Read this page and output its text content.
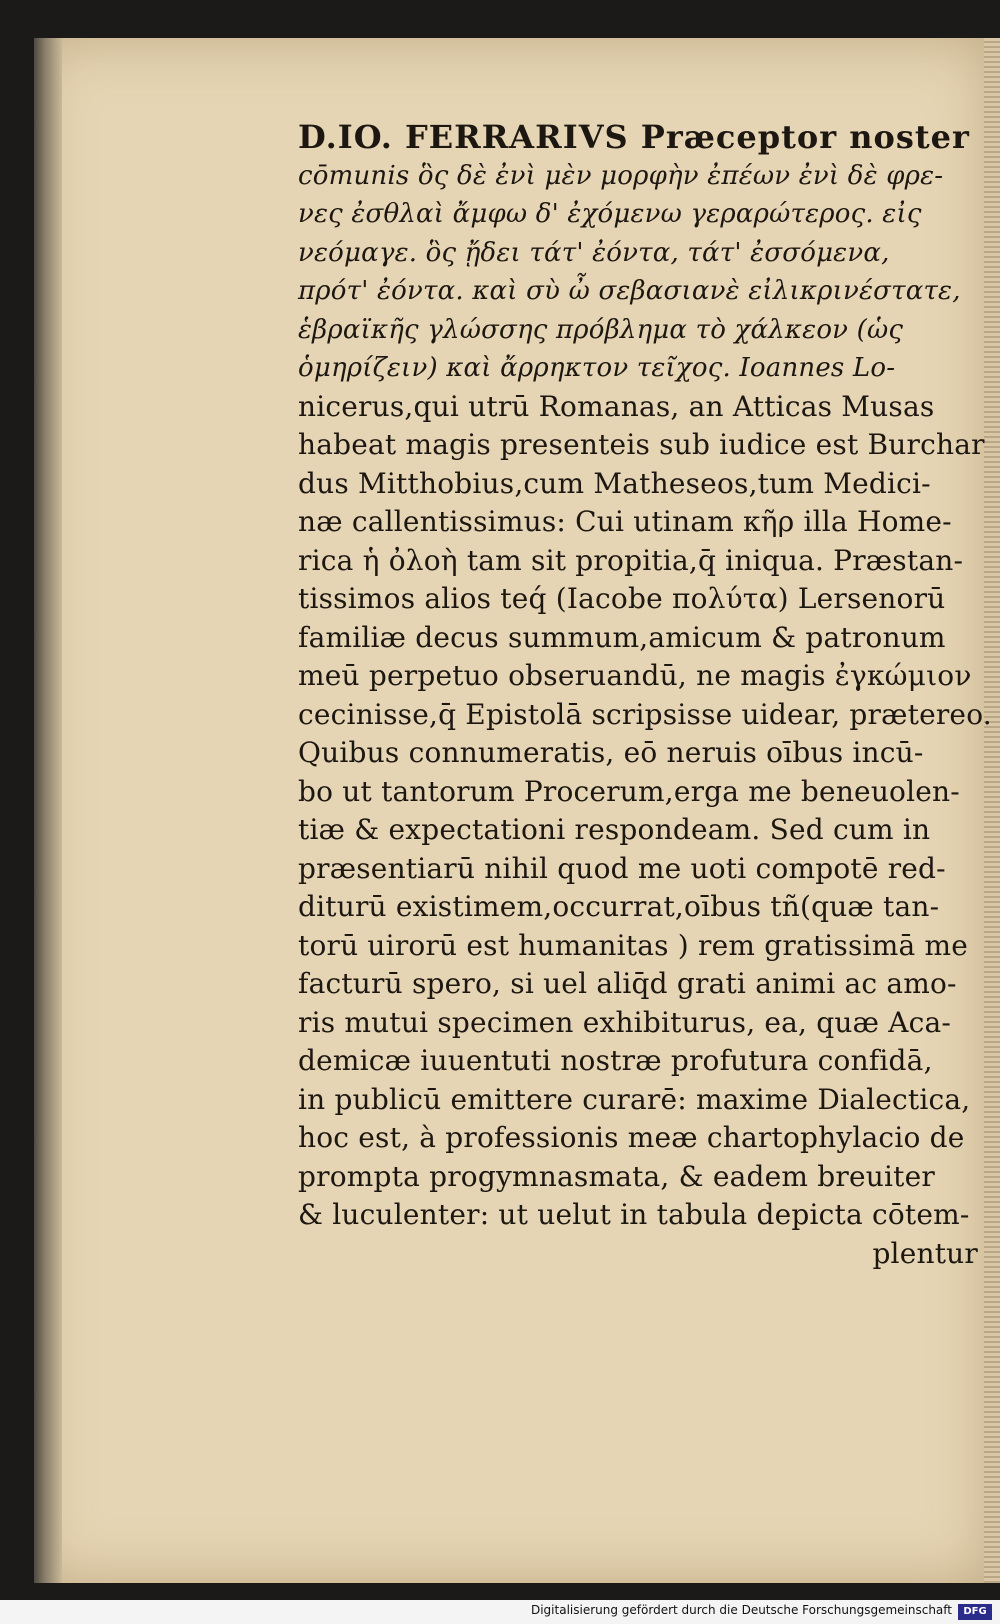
D.IO. FERRARIVS Præceptor noster
cōmunis ὃς δὲ ἐνὶ μὲν μορφὴν ἐπέων ἐνὶ δὲ φρε-
νες ἐσθλαὶ ἄμφω δ' ἐχόμενω γεραρώτερος. εἰς
νεόμαγε. ὃς ᾔδει τάτ' ἐόντα, τάτ' ἐσσόμενα,
πρότ' ἐόντα. καὶ σὺ ὦ σεβασιανὲ εἰλικρινέστατε,
ἑβραϊκῆς γλώσσης πρόβλημα τὸ χάλκεον (ὡς
ὁμηρίζειν) καὶ ἄρρηκτον τεῖχος. Ioannes Lo-
nicerus,qui utrū Romanas, an Atticas Musas
habeat magis presenteis sub iudice est Burchar
dus Mitthobius,cum Matheseos,tum Medici-
næ callentissimus: Cui utinam κῆρ illa Home-
rica ἡ ὀλοὴ tam sit propitia,q̄ iniqua. Præstan-
tissimos alios teq́ (Iacobe πολύτα) Lersenorū
familiæ decus summum,amicum & patronum
meū perpetuo obseruandū, ne magis ἐγκώμιον
cecinisse,q̄ Epistolā scripsisse uidear, prætereo.
Quibus connumeratis, eō neruis oībus incū-
bo ut tantorum Procerum,erga me beneuolen-
tiæ & expectationi respondeam. Sed cum in
præsentiarū nihil quod me uoti compotē red-
diturū existimem,occurrat,oībus tñ(quæ tan-
torū uirorū est humanitas ) rem gratissimā me
facturū spero, si uel aliq̄d grati animi ac amo-
ris mutui specimen exhibiturus, ea, quæ Aca-
demicæ iuuentuti nostræ profutura confidā,
in publicū emittere curarē: maxime Dialectica,
hoc est, à professionis meæ chartophylacio de
prompta progymnasmata, & eadem breuiter
& luculenter: ut uelut in tabula depicta cōtem-
plentur
Digitalisierung gefördert durch die Deutsche Forschungsgemeinschaft	DFG
